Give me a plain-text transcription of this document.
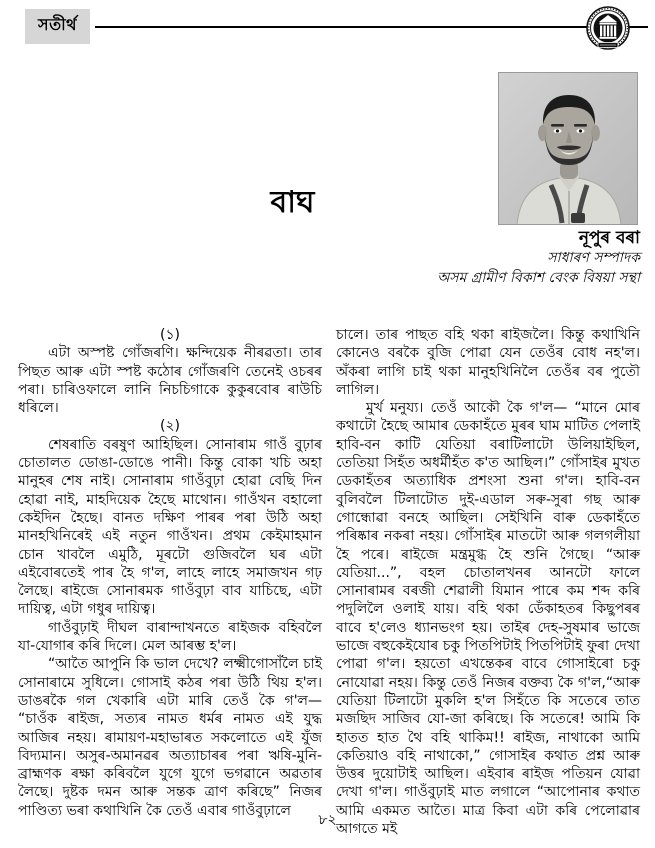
সতীৰ্থ
বাঘ
নূপুৰ বৰা
সাধাৰণ সম্পাদক
অসম গ্ৰামীণ বিকাশ বেংক বিষয়া সন্থা
(১)

এটা অস্পষ্ট গোঁজৰণি। ক্ষন্দিয়েক নীৰৱতা। তাৰ পিছত আৰু এটা স্পষ্ট কঠোৰ গোঁজৰণি তেনেই ওচৰৰ পৰা। চাৰিওফালে লানি নিচচিগাকে কুকুৰবোৰ ৰাউচি ধৰিলে।

(২)

শেষৰাতি বৰষুণ আহিছিল। সোনাৰাম গাওঁ বুঢ়াৰ চোতালত ডোঙা-ডোঙে পানী। কিন্তু বোকা খচি অহা মানুহৰ শেষ নাই। সোনাৰাম গাওঁবুঢ়া হোৱা বেছি দিন হোৱা নাই, মাহদিয়েক হৈছে মাথোন। গাওঁখন বহালো কেইদিন হৈছে। বানত দক্ষিণ পাৰৰ পৰা উঠি অহা মানহখিনিৰেই এই নতুন গাওঁখন। প্ৰথম কেইমাহমান চোন খাবলৈ এমুঠি, মূৰটো গুজিবলৈ ঘৰ এটা এইবোৰতেই পাৰ হৈ গ'ল, লাহে লাহে সমাজখন গঢ় লৈছে। ৰাইজে সোনাৰমক গাওঁবুঢ়া বাব যাচিছে, এটা দায়িত্ব, এটা গধুৰ দায়িত্ব।

গাওঁবুঢ়াই দীঘল বাৰান্দাখনতে ৰাইজক বহিবলৈ যা-যোগাৰ কৰি দিলে। মেল আৰম্ভ হ'ল।

“আতৈ আপুনি কি ভাল দেখে? লক্ষ্মীগোসাঁলৈ চাই সোনাৰামে সুধিলে। গোসাই কঠৰ পৰা উঠি থিয় হ'ল। ডাঙৰকৈ গল খেকাৰি এটা মাৰি তেওঁ কৈ গ'ল— “চাওঁক ৰাইজ, সত্যৰ নামত ধৰ্মৰ নামত এই যুদ্ধ আজিৰ নহয়। ৰামায়ণ-মহাভাৰত সকলোতে এই যুঁজ বিদ্যমান। অসুৰ-অমানৱৰ অত্যাচাৰৰ পৰা ঋষি-মুনি-ব্ৰাহ্মণক ৰক্ষা কৰিবলৈ যুগে যুগে ভগৱানে অৱতাৰ লৈছে। দুষ্টক দমন আৰু সন্তক ত্ৰাণ কৰিছে” নিজৰ পাণ্ডিত্য ভৰা কথাখিনি কৈ তেওঁ এবাৰ গাওঁবুঢ়ালে

চালে। তাৰ পাছত বহি থকা ৰাইজলৈ। কিন্তু কথাখিনি কোনেও বৰকৈ বুজি পোৱা যেন তেওঁৰ বোধ নহ'ল। অঁকৰা লাগি চাই থকা মানুহখিনিলৈ তেওঁৰ বৰ পুতৌ লাগিল।

মুৰ্খ মনুয্য। তেওঁ আকৌ কৈ গ'ল— “মানে মোৰ কথাটো হৈছে আমাৰ ডেকাহঁতে মুৰৰ ঘাম মাটিত পেলাই হাবি-বন কাটি যেতিয়া বৰাটিলাটো উলিয়াইছিল, তেতিয়া সিহঁত অধৰ্মীহঁত ক'ত আছিল।” গোঁসাইৰ মুখত ডেকাহঁতৰ অত্যাধিক প্ৰশংসা শুনা গ'ল। হাবি-বন বুলিবলৈ টিলাটোত দুই-এডাল সৰু-সুৰা গছ আৰু গোন্ধোৱা বনহে আছিল। সেইখিনি বাৰু ডেকাহঁতে পৰিষ্কাৰ নকৰা নহয়। গোঁসাইৰ মাতটো আৰু গলগলীয়া হৈ পৰে। ৰাইজে মন্ত্ৰমুগ্ধ হৈ শুনি গৈছে। “আৰু যেতিয়া...”, বহল চোতালখনৰ আনটো ফালে সোনাৰামৰ বৰজী শেৱালী যিমান পাৰে কম শব্দ কৰি পদুলিলৈ ওলাই যায়। বহি থকা ডেঁকাহতৰ কিছুপৰৰ বাবে হ'লেও ধ্যানভংগ হয়। তাইৰ দেহ-সুষমাৰ ভাজে ভাজে বহুকেইযোৰ চকু পিতপিটাই পিতপিটাই ফুৰা দেখা পোৱা গ'ল। হয়তো এখন্তেকৰ বাবে গোসাইৰো চকু নোযোৱা নহয়। কিন্তু তেওঁ নিজৰ বক্তব্য কৈ গ'ল,“আৰু যেতিয়া টিলাটো মুকলি হ'ল সিহঁতে কি সতেৰে তাত মজছিদ সাজিব যো-জা কৰিছে। কি সতেৰে! আমি কি হাতত হাত থৈ বহি থাকিম!! ৰাইজ, নাথাকো আমি কেতিয়াও বহি নাথাকো,” গোসাইৰ কথাত প্ৰশ্ন আৰু উত্তৰ দুয়োটাই আছিল। এইবাৰ ৰাইজ পতিয়ন যোৱা দেখা গ'ল। গাওঁবুঢ়াই মাত লগালে “আপোনাৰ কথাত আমি একমত আতৈ। মাত্ৰ কিবা এটা কৰি পেলোৱাৰ আগতে মই

৮২
